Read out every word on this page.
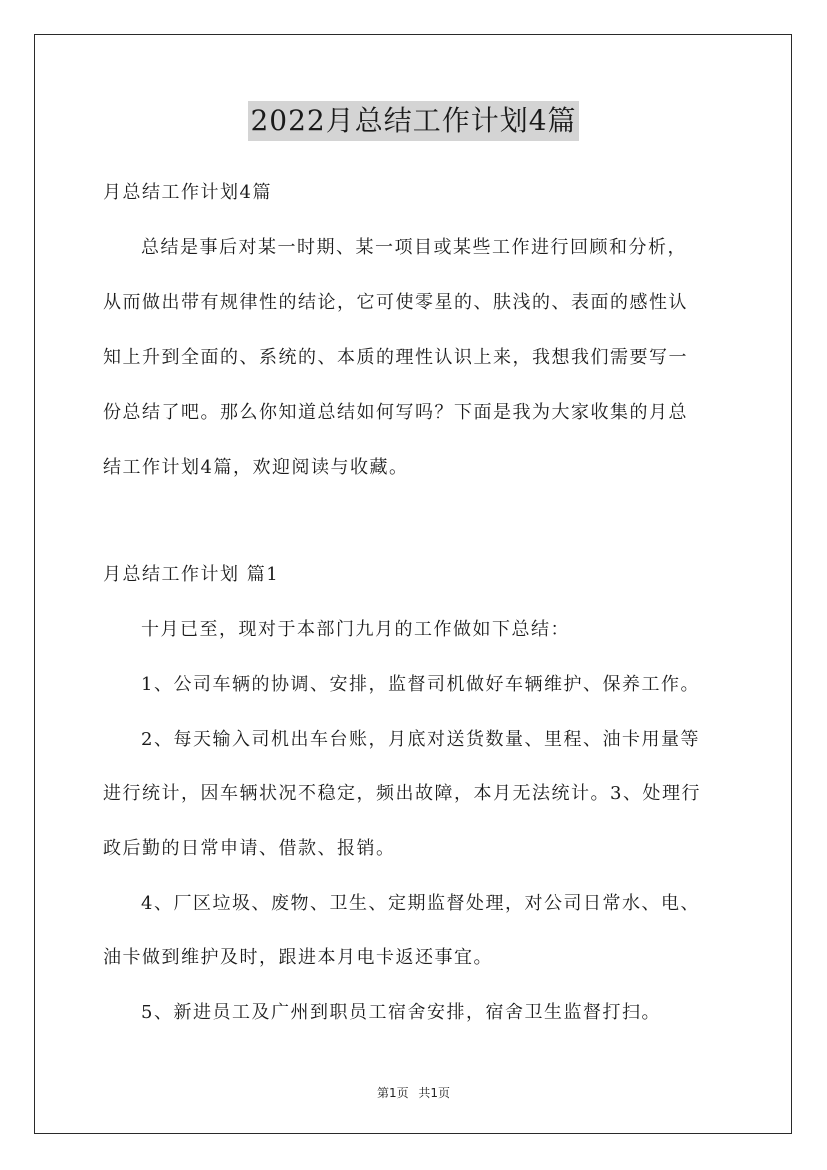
2022月总结工作计划4篇

月总结工作计划4篇

总结是事后对某一时期、某一项目或某些工作进行回顾和分析，

从而做出带有规律性的结论，它可使零星的、肤浅的、表面的感性认

知上升到全面的、系统的、本质的理性认识上来，我想我们需要写一

份总结了吧。那么你知道总结如何写吗？下面是我为大家收集的月总

结工作计划4篇，欢迎阅读与收藏。

月总结工作计划 篇1

十月已至，现对于本部门九月的工作做如下总结：

1、公司车辆的协调、安排，监督司机做好车辆维护、保养工作。

2、每天输入司机出车台账，月底对送货数量、里程、油卡用量等

进行统计，因车辆状况不稳定，频出故障，本月无法统计。3、处理行

政后勤的日常申请、借款、报销。

4、厂区垃圾、废物、卫生、定期监督处理，对公司日常水、电、

油卡做到维护及时，跟进本月电卡返还事宜。

5、新进员工及广州到职员工宿舍安排，宿舍卫生监督打扫。

第1页 共1页
